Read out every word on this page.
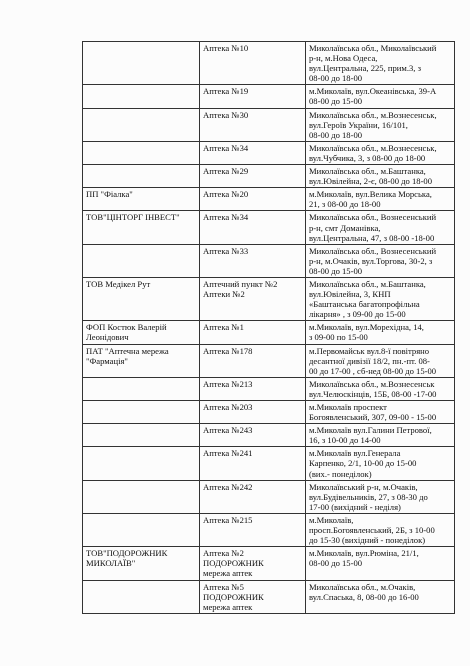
	Аптека №10	Миколаївська обл., Миколаївський
р-н, м.Нова Одеса,
вул.Центральна, 225, прим.3, з
08-00 до 18-00

	Аптека №19	м.Миколаїв, вул.Океанівська, 39-А
08-00 до 15-00

	Аптека №30	Миколаївська обл., м.Вознесенськ,
вул.Героїв України, 16/101,
08-00 до 18-00

	Аптека №34	Миколаївська обл., м.Вознесенськ,
вул.Чубчика, 3, з 08-00 до 18-00

	Аптека №29	Миколаївська обл., м.Баштанка,
вул.Ювілейна, 2-є, 08-00 до 18-00

ПП "Фіалка"	Аптека №20	м.Миколаїв, вул.Велика Морська,
21, з 08-00 до 18-00

ТОВ"ЦІНТОРГ ІНВЕСТ"	Аптека №34	Миколаївська обл., Вознесенський
р-н, смт Доманівка,
вул.Центральна, 47, з 08-00 -18-00

	Аптека №33	Миколаївська обл., Вознесенський
р-н, м.Очаків, вул.Торгова, 30-2, з
08-00 до 15-00

ТОВ Медікел Рут	Аптечний пункт №2
Аптеки №2	Миколаївська обл., м.Баштанка,
вул.Ювілейна, 3, КНП
«Баштанська багатопрофільна
лікарня» , з 09-00 до 15-00

ФОП Костюк Валерій
Леонідович	Аптека №1	м.Миколаїв, вул.Морехідна, 14,
з 09-00 по 15-00

ПАТ "Аптечна мережа
"Фармація"	Аптека №178	м.Первомайськ вул.8-ї повітряно
десантної дивізії 18/2, пн.-пт. 08-
00 до 17-00 , сб-нед 08-00 до 15-00

	Аптека №213	Миколаївська обл., м.Вознесенськ
вул.Челюскінців, 15Б, 08-00 -17-00

	Аптека №203	м.Миколаїв проспект
Богоявленський, 307, 09-00 - 15-00

	Аптека №243	м.Миколаїв вул.Галини Петрової,
16, з 10-00 до 14-00

	Аптека №241	м.Миколаїв вул.Генерала
Карпенко, 2/1, 10-00 до 15-00
(вих.- понеділок)

	Аптека №242	Миколаївський р-н, м.Очаків,
вул.Будівельників, 27, з 08-30 до
17-00 (вихідний - неділя)

	Аптека №215	м.Миколаїв,
просп.Богоявленський, 2Б, з 10-00
до 15-30 (вихідний - понеділок)

ТОВ"ПОДОРОЖНИК
МИКОЛАЇВ"	Аптека №2
ПОДОРОЖНИК
мережа аптек	м.Миколаїв, вул.Рюміна, 21/1,
08-00 до 15-00

	Аптека №5
ПОДОРОЖНИК
мережа аптек	Миколаївська обл., м.Очаків,
вул.Спаська, 8, 08-00 до 16-00
